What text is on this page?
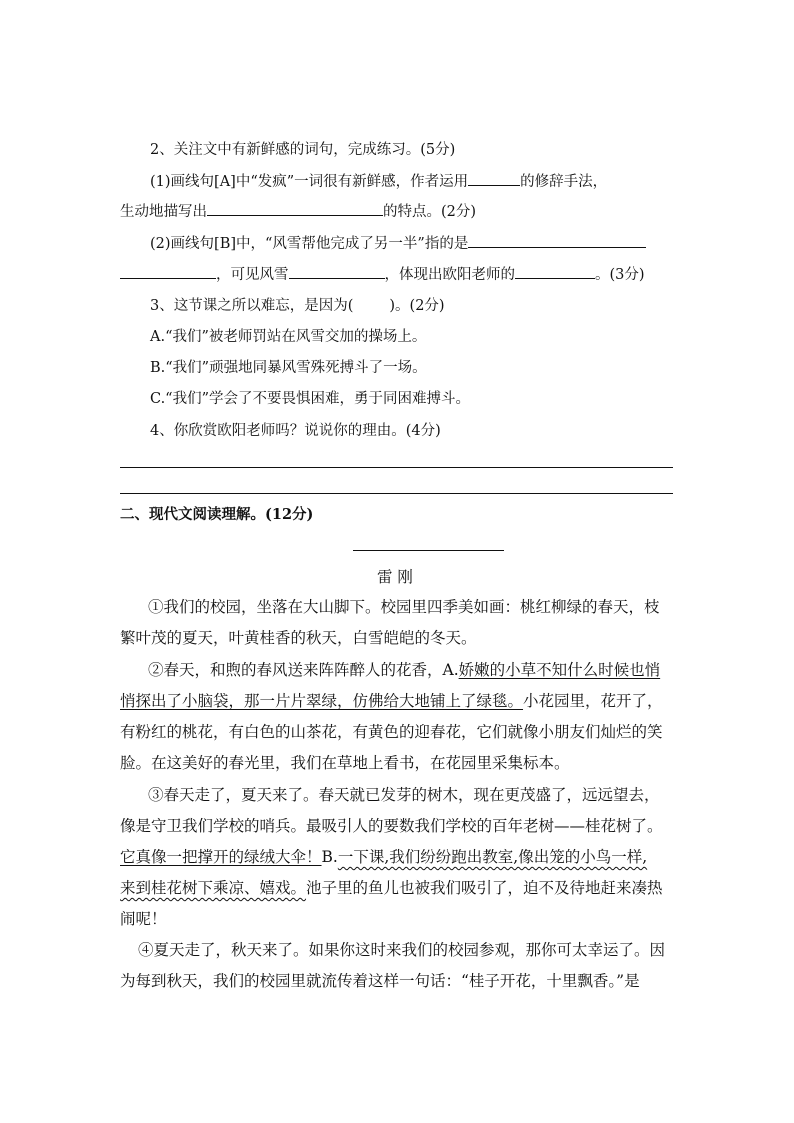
2、关注文中有新鲜感的词句，完成练习。(5分)
(1)画线句[A]中“发疯”一词很有新鲜感，作者运用	的修辞手法，
生动地描写出	的特点。(2分)
(2)画线句[B]中，“风雪帮他完成了另一半”指的是
，可见风雪	，体现出欧阳老师的	。(3分)
3、这节课之所以难忘，是因为( )。(2分)
A.“我们”被老师罚站在风雪交加的操场上。
B.“我们”顽强地同暴风雪殊死搏斗了一场。
C.“我们”学会了不要畏惧困难，勇于同困难搏斗。
4、你欣赏欧阳老师吗？说说你的理由。(4分)
二、现代文阅读理解。(12分)
雷 刚
①我们的校园，坐落在大山脚下。校园里四季美如画：桃红柳绿的春天，枝
繁叶茂的夏天，叶黄桂香的秋天，白雪皑皑的冬天。
②春天，和煦的春风送来阵阵醉人的花香，A.娇嫩的小草不知什么时候也悄
悄探出了小脑袋，那一片片翠绿，仿佛给大地铺上了绿毯。小花园里，花开了，
有粉红的桃花，有白色的山茶花，有黄色的迎春花，它们就像小朋友们灿烂的笑
脸。在这美好的春光里，我们在草地上看书，在花园里采集标本。
③春天走了，夏天来了。春天就已发芽的树木，现在更茂盛了，远远望去，
像是守卫我们学校的哨兵。最吸引人的要数我们学校的百年老树——桂花树了。
它真像一把撑开的绿绒大伞！B.一下课,我们纷纷跑出教室,像出笼的小鸟一样,
来到桂花树下乘凉、嬉戏。池子里的鱼儿也被我们吸引了，迫不及待地赶来凑热
闹呢！
④夏天走了，秋天来了。如果你这时来我们的校园参观，那你可太幸运了。因
为每到秋天，我们的校园里就流传着这样一句话：“桂子开花，十里飘香。”是
